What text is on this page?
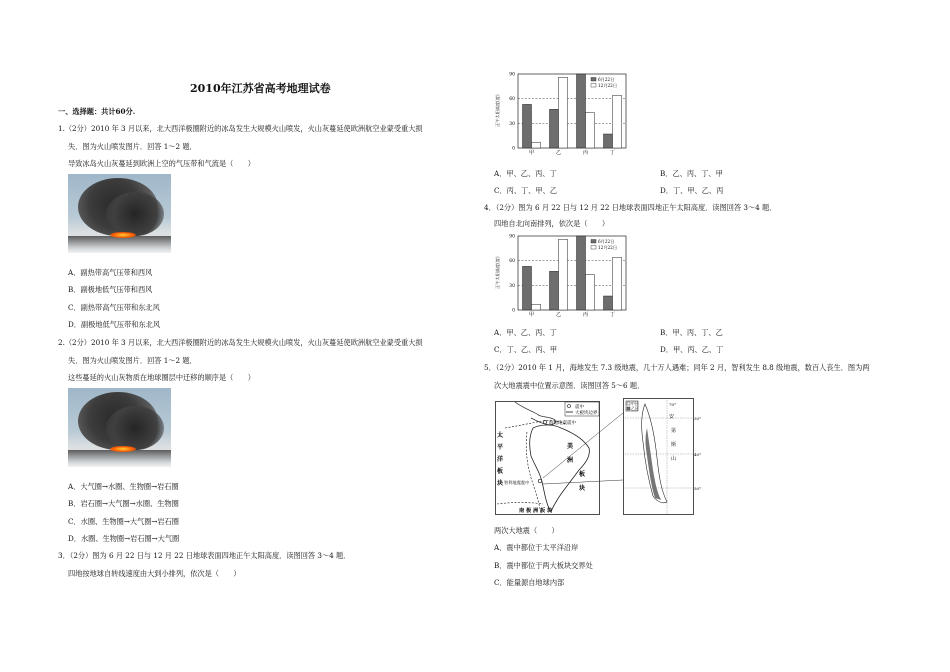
2010年江苏省高考地理试卷
一、选择题：共计60分.
1.（2分）2010 年 3 月以来，北大西洋极圈附近的冰岛发生大规模火山喷发，火山灰蔓延使欧洲航空业蒙受重大损
失．图为火山喷发图片．回答 1～2 题．
导致冰岛火山灰蔓延到欧洲上空的气压带和气流是（　　）
A．副热带高气压带和西风
B．副极地低气压带和西风
C．副热带高气压带和东北风
D．副极地低气压带和东北风
2.（2分）2010 年 3 月以来，北大西洋极圈附近的冰岛发生大规模火山喷发，火山灰蔓延使欧洲航空业蒙受重大损
失．图为火山喷发图片．回答 1～2 题．
这些蔓延的火山灰物质在地球圈层中迁移的顺序是（　　）
A．大气圈→水圈、生物圈→岩石圈
B．岩石圈→大气圈→水圈、生物圈
C．水圈、生物圈→大气圈→岩石圈
D．水圈、生物圈→岩石圈→大气圈
3．（2分）图为 6 月 22 日与 12 月 22 日地球表面四地正午太阳高度．读图回答 3～4 题．
四地按地球自转线速度由大到小排列，依次是（　　）
正午太阳高度(度)
0
30
60
90
甲	乙	丙	丁
6月22日
12月22日
A．甲、乙、丙、丁	B．乙、丙、丁、甲
C．丙、丁、甲、乙	D．丁、甲、乙、丙
4．（2分）图为 6 月 22 日与 12 月 22 日地球表面四地正午太阳高度．读图回答 3～4 题．
四地自北向南排列，依次是（　　）
正午太阳高度(度)
0
30
60
90
甲	乙	丙	丁
6月22日
12月22日
A．甲、乙、丙、丁	B．甲、丙、丁、乙
C．丁、乙、丙、甲	D．甲、丙、乙、丁
5．（2分）2010 年 1 月，海地发生 7.3 级地震，几十万人遇难；同年 2 月，智利发生 8.8 级地震，数百人丧生．图为两
次大地震震中位置示意图．读图回答 5～6 题．
震中
大板块边界
海地地震震中
智利地震震中
太
平
洋
板
块
美
洲
板
块
南 极 洲 板 块
甲区
乙区
70°
30°
40°
50°
安
第
斯
山
两次大地震（　　）
A．震中都位于太平洋沿岸
B．震中都位于两大板块交界处
C．能量源自地球内部
